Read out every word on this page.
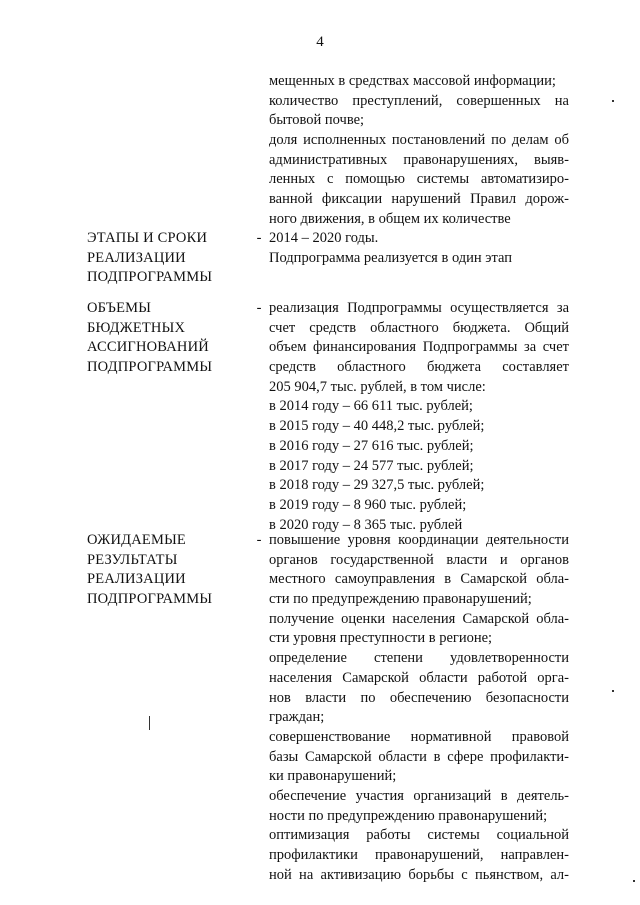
4
мещенных в средствах массовой информации;
количество преступлений, совершенных на
бытовой почве;
доля исполненных постановлений по делам об
административных правонарушениях, выяв-
ленных с помощью системы автоматизиро-
ванной фиксации нарушений Правил дорож-
ного движения, в общем их количестве
ЭТАПЫ И СРОКИ
РЕАЛИЗАЦИИ
ПОДПРОГРАММЫ
- 2014 – 2020 годы.
Подпрограмма реализуется в один этап
ОБЪЕМЫ
БЮДЖЕТНЫХ
АССИГНОВАНИЙ
ПОДПРОГРАММЫ
- реализация Подпрограммы осуществляется за
счет средств областного бюджета. Общий
объем финансирования Подпрограммы за счет
средств областного бюджета составляет
205 904,7 тыс. рублей, в том числе:
в 2014 году – 66 611 тыс. рублей;
в 2015 году – 40 448,2 тыс. рублей;
в 2016 году – 27 616 тыс. рублей;
в 2017 году – 24 577 тыс. рублей;
в 2018 году – 29 327,5 тыс. рублей;
в 2019 году – 8 960 тыс. рублей;
в 2020 году – 8 365 тыс. рублей
ОЖИДАЕМЫЕ
РЕЗУЛЬТАТЫ
РЕАЛИЗАЦИИ
ПОДПРОГРАММЫ
- повышение уровня координации деятельности
органов государственной власти и органов
местного самоуправления в Самарской обла-
сти по предупреждению правонарушений;
получение оценки населения Самарской обла-
сти уровня преступности в регионе;
определение степени удовлетворенности
населения Самарской области работой орга-
нов власти по обеспечению безопасности
граждан;
совершенствование нормативной правовой
базы Самарской области в сфере профилакти-
ки правонарушений;
обеспечение участия организаций в деятель-
ности по предупреждению правонарушений;
оптимизация работы системы социальной
профилактики правонарушений, направлен-
ной на активизацию борьбы с пьянством, ал-
